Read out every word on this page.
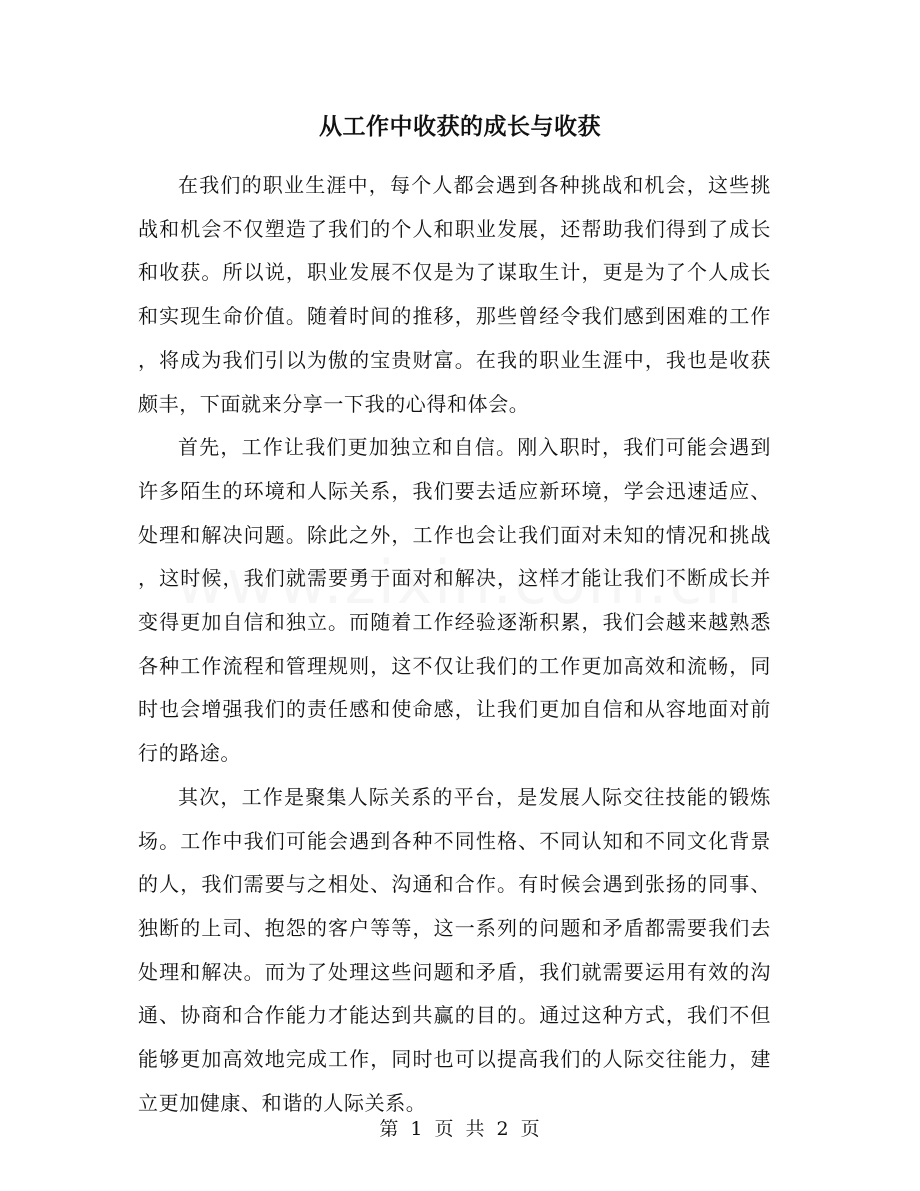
从工作中收获的成长与收获

在我们的职业生涯中，每个人都会遇到各种挑战和机会，这些挑战和机会不仅塑造了我们的个人和职业发展，还帮助我们得到了成长和收获。所以说，职业发展不仅是为了谋取生计，更是为了个人成长和实现生命价值。随着时间的推移，那些曾经令我们感到困难的工作，将成为我们引以为傲的宝贵财富。在我的职业生涯中，我也是收获颇丰，下面就来分享一下我的心得和体会。

首先，工作让我们更加独立和自信。刚入职时，我们可能会遇到许多陌生的环境和人际关系，我们要去适应新环境，学会迅速适应、处理和解决问题。除此之外，工作也会让我们面对未知的情况和挑战，这时候，我们就需要勇于面对和解决，这样才能让我们不断成长并变得更加自信和独立。而随着工作经验逐渐积累，我们会越来越熟悉各种工作流程和管理规则，这不仅让我们的工作更加高效和流畅，同时也会增强我们的责任感和使命感，让我们更加自信和从容地面对前行的路途。

其次，工作是聚集人际关系的平台，是发展人际交往技能的锻炼场。工作中我们可能会遇到各种不同性格、不同认知和不同文化背景的人，我们需要与之相处、沟通和合作。有时候会遇到张扬的同事、独断的上司、抱怨的客户等等，这一系列的问题和矛盾都需要我们去处理和解决。而为了处理这些问题和矛盾，我们就需要运用有效的沟通、协商和合作能力才能达到共赢的目的。通过这种方式，我们不但能够更加高效地完成工作，同时也可以提高我们的人际交往能力，建立更加健康、和谐的人际关系。

第 1 页 共 2 页
